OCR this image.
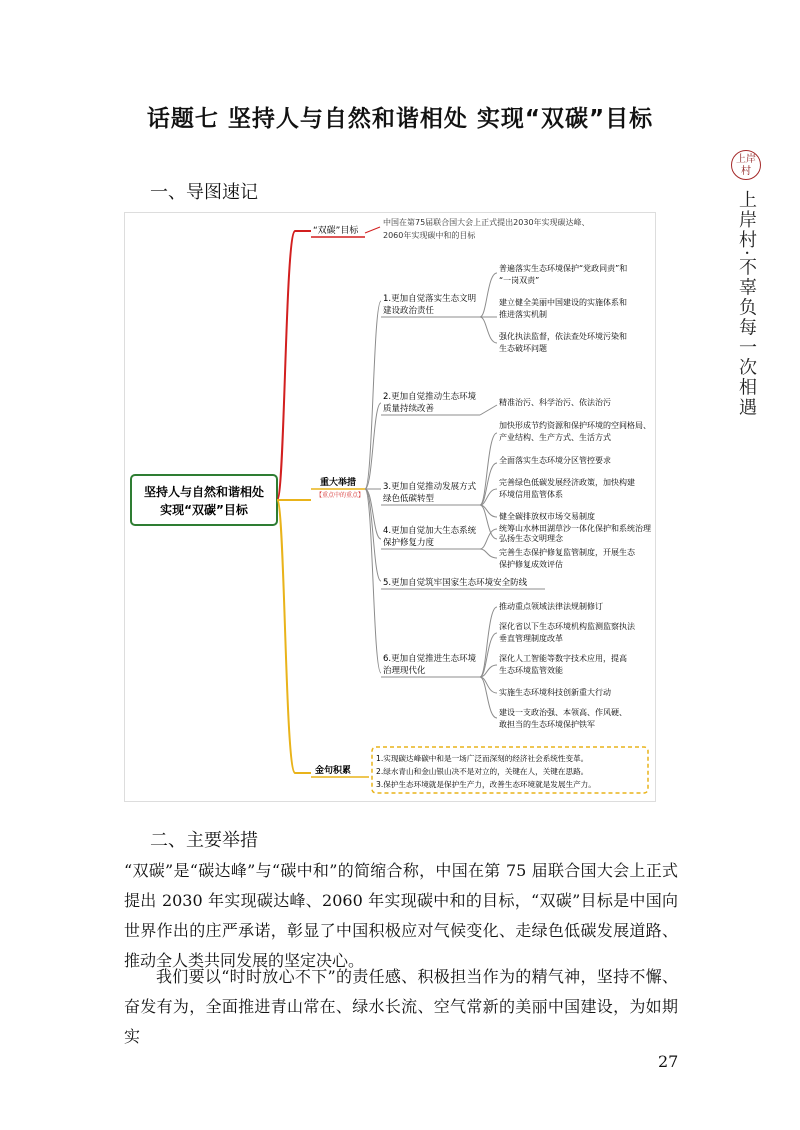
话题七 坚持人与自然和谐相处 实现“双碳”目标
一、导图速记
坚持人与自然和谐相处
实现“双碳”目标
“双碳”目标
中国在第75届联合国大会上正式提出2030年实现碳达峰、
2060年实现碳中和的目标
重大举措
【重点中的重点】
1.更加自觉落实生态文明
建设政治责任
普遍落实生态环境保护“党政同责”和
“一岗双责”
建立健全美丽中国建设的实施体系和
推进落实机制
强化执法监督，依法查处环境污染和
生态破坏问题
2.更加自觉推动生态环境
质量持续改善
精准治污、科学治污、依法治污
3.更加自觉推动发展方式
绿色低碳转型
加快形成节约资源和保护环境的空间格局、
产业结构、生产方式、生活方式
全面落实生态环境分区管控要求
完善绿色低碳发展经济政策，加快构建
环境信用监管体系
健全碳排放权市场交易制度
弘扬生态文明理念
4.更加自觉加大生态系统
保护修复力度
统筹山水林田湖草沙一体化保护和系统治理
完善生态保护修复监管制度，开展生态
保护修复成效评估
5.更加自觉筑牢国家生态环境安全防线
6.更加自觉推进生态环境
治理现代化
推动重点领域法律法规制修订
深化省以下生态环境机构监测监察执法
垂直管理制度改革
深化人工智能等数字技术应用，提高
生态环境监管效能
实施生态环境科技创新重大行动
建设一支政治强、本领高、作风硬、
敢担当的生态环境保护铁军
金句积累
1.实现碳达峰碳中和是一场广泛而深刻的经济社会系统性变革。
2.绿水青山和金山银山决不是对立的，关键在人，关键在思路。
3.保护生态环境就是保护生产力，改善生态环境就是发展生产力。
二、主要举措
“双碳”是“碳达峰”与“碳中和”的简缩合称，中国在第 75 届联合国大会上正式提出 2030 年实现碳达峰、2060 年实现碳中和的目标，“双碳”目标是中国向世界作出的庄严承诺，彰显了中国积极应对气候变化、走绿色低碳发展道路、推动全人类共同发展的坚定决心。
我们要以“时时放心不下”的责任感、积极担当作为的精气神，坚持不懈、奋发有为，全面推进青山常在、绿水长流、空气常新的美丽中国建设，为如期实
27
上岸村
上岸村·不辜负每一次相遇
